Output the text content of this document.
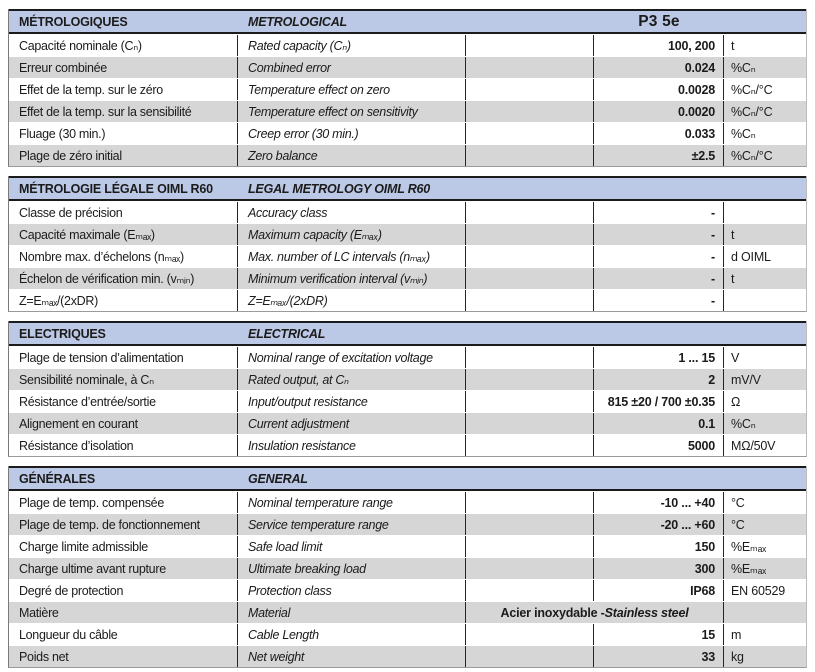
MÉTROLOGIQUES	METROLOGICAL	P3 5e
Capacité nominale (Cₙ)	Rated capacity (Cₙ)	100, 200	t
Erreur combinée	Combined error	0.024	%Cₙ
Effet de la temp. sur le zéro	Temperature effect on zero	0.0028	%Cₙ/°C
Effet de la temp. sur la sensibilité	Temperature effect on sensitivity	0.0020	%Cₙ/°C
Fluage (30 min.)	Creep error (30 min.)	0.033	%Cₙ
Plage de zéro initial	Zero balance	±2.5	%Cₙ/°C
MÉTROLOGIE LÉGALE OIML R60	LEGAL METROLOGY OIML R60
Classe de précision	Accuracy class	-
Capacité maximale (Eₘₐₓ)	Maximum capacity (Eₘₐₓ)	-	t
Nombre max. d’échelons (nₘₐₓ)	Max. number of LC intervals (nₘₐₓ)	-	d OIML
Échelon de vérification min. (vₘᵢₙ)	Minimum verification interval (vₘᵢₙ)	-	t
Z=Eₘₐₓ/(2xDR)	Z=Eₘₐₓ/(2xDR)	-
ELECTRIQUES	ELECTRICAL
Plage de tension d’alimentation	Nominal range of excitation voltage	1 ... 15	V
Sensibilité nominale, à Cₙ	Rated output, at Cₙ	2	mV/V
Résistance d’entrée/sortie	Input/output resistance	815 ±20 / 700 ±0.35	Ω
Alignement en courant	Current adjustment	0.1	%Cₙ
Résistance d’isolation	Insulation resistance	5000	MΩ/50V
GÉNÉRALES	GENERAL
Plage de temp. compensée	Nominal temperature range	-10 ... +40	°C
Plage de temp. de fonctionnement	Service temperature range	-20 ... +60	°C
Charge limite admissible	Safe load limit	150	%Eₘₐₓ
Charge ultime avant rupture	Ultimate breaking load	300	%Eₘₐₓ
Degré de protection	Protection class	IP68	EN 60529
Matière	Material	Acier inoxydable - Stainless steel
Longueur du câble	Cable Length	15	m
Poids net	Net weight	33	kg
